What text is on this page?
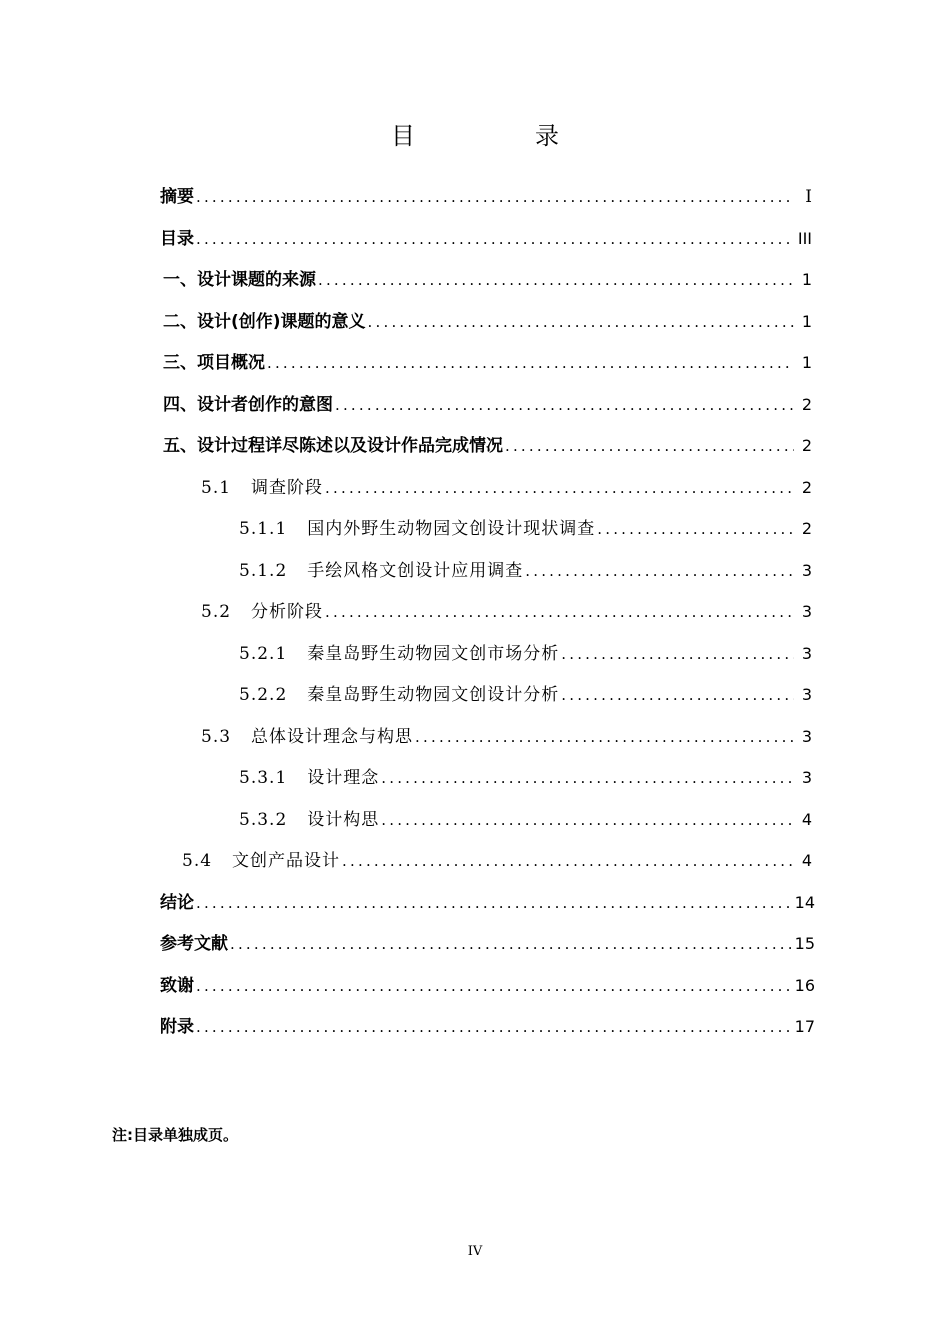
目　录
摘要 .....	Ⅰ
目录 .....	III
一、设计课题的来源 .....	1
二、设计(创作)课题的意义 .....	1
三、项目概况 .....	1
四、设计者创作的意图 .....	2
五、设计过程详尽陈述以及设计作品完成情况 .....	2
5.1 调查阶段 .....	2
5.1.1 国内外野生动物园文创设计现状调查 .....	2
5.1.2 手绘风格文创设计应用调查 .....	3
5.2 分析阶段 .....	3
5.2.1 秦皇岛野生动物园文创市场分析 .....	3
5.2.2 秦皇岛野生动物园文创设计分析 .....	3
5.3 总体设计理念与构思 .....	3
5.3.1 设计理念 .....	3
5.3.2 设计构思 .....	4
5.4 文创产品设计 .....	4
结论 .....	14
参考文献 .....	15
致谢 .....	16
附录 .....	17
注:目录单独成页。
IV
